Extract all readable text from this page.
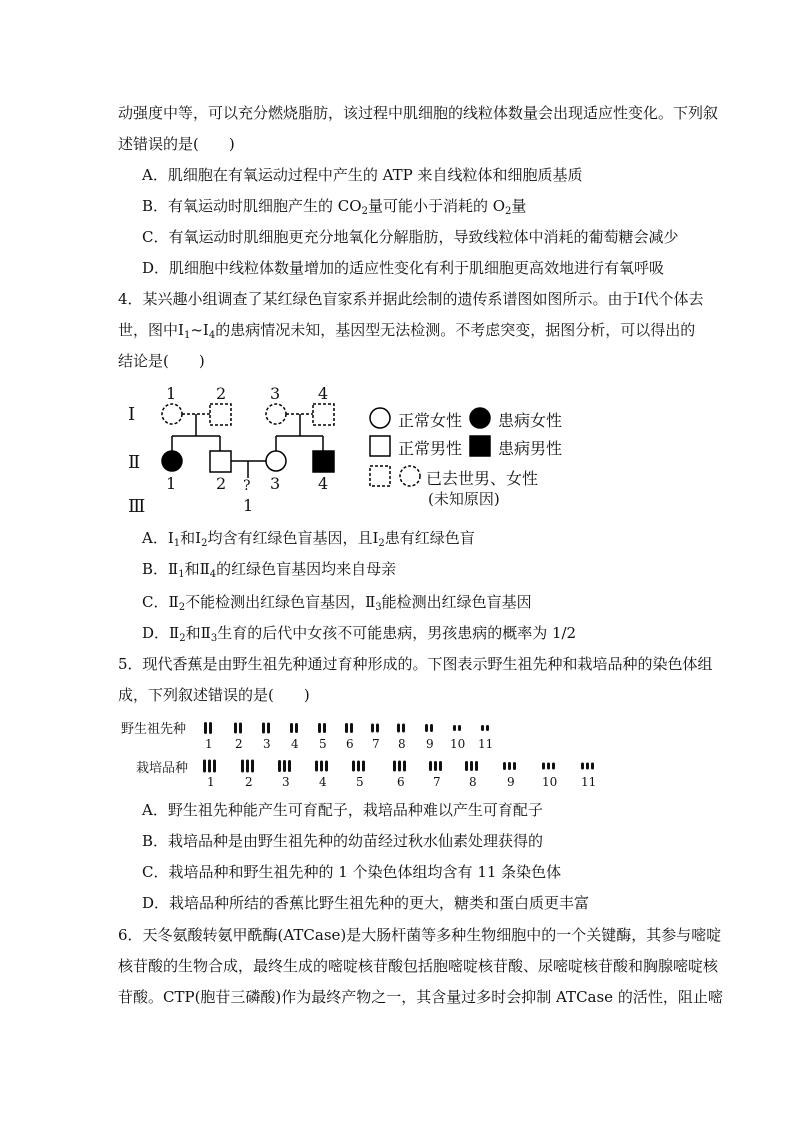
动强度中等，可以充分燃烧脂肪，该过程中肌细胞的线粒体数量会出现适应性变化。下列叙
述错误的是(　　)
A．肌细胞在有氧运动过程中产生的 ATP 来自线粒体和细胞质基质
B．有氧运动时肌细胞产生的 $CO_2$量可能小于消耗的 $O_2$量
C．有氧运动时肌细胞更充分地氧化分解脂肪，导致线粒体中消耗的葡萄糖会减少
D．肌细胞中线粒体数量增加的适应性变化有利于肌细胞更高效地进行有氧呼吸
4．某兴趣小组调查了某红绿色盲家系并据此绘制的遗传系谱图如图所示。由于Ⅰ代个体去
世，图中$Ⅰ_1\sim Ⅰ_4$的患病情况未知，基因型无法检测。不考虑突变，据图分析，可以得出的
结论是(　　)
Ⅰ
Ⅱ
Ⅲ
1 2	3 4
1 2	3 4
?
1
正常女性 患病女性
正常男性 患病男性
已去世男、女性
(未知原因)
A．$Ⅰ_1$和$Ⅰ_2$均含有红绿色盲基因，且$Ⅰ_2$患有红绿色盲
B．$Ⅱ_1$和$Ⅱ_4$的红绿色盲基因均来自母亲
C．$Ⅱ_2$不能检测出红绿色盲基因，$Ⅱ_3$能检测出红绿色盲基因
D．$Ⅱ_2$和$Ⅱ_3$生育的后代中女孩不可能患病，男孩患病的概率为 1/2
5．现代香蕉是由野生祖先种通过育种形成的。下图表示野生祖先种和栽培品种的染色体组
成，下列叙述错误的是(　　)
野生祖先种
栽培品种
1 2 3 4 5 6 7 8 9 10 11
1	2 3 4 5	6 7 8	9 10 11
A．野生祖先种能产生可育配子，栽培品种难以产生可育配子
B．栽培品种是由野生祖先种的幼苗经过秋水仙素处理获得的
C．栽培品种和野生祖先种的 1 个染色体组均含有 11 条染色体
D．栽培品种所结的香蕉比野生祖先种的更大，糖类和蛋白质更丰富
6．天冬氨酸转氨甲酰酶(ATCase)是大肠杆菌等多种生物细胞中的一个关键酶，其参与嘧啶
核苷酸的生物合成，最终生成的嘧啶核苷酸包括胞嘧啶核苷酸、尿嘧啶核苷酸和胸腺嘧啶核
苷酸。CTP(胞苷三磷酸)作为最终产物之一，其含量过多时会抑制 ATCase 的活性，阻止嘧
